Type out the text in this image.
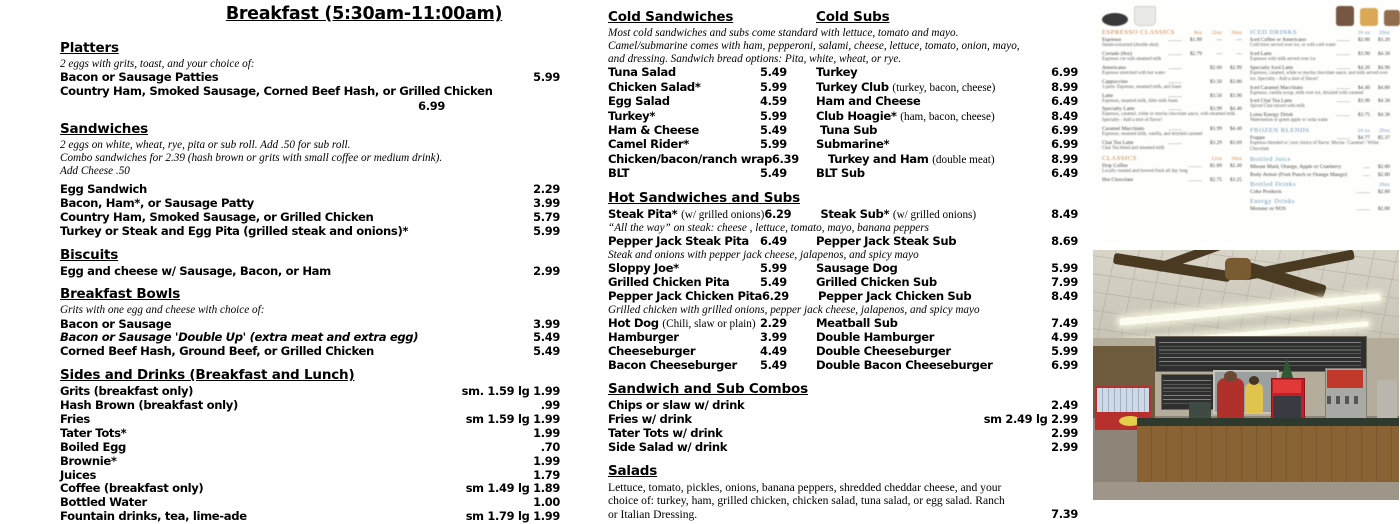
Breakfast (5:30am-11:00am)
Platters
2 eggs with grits, toast, and your choice of:
Bacon or Sausage Patties	5.99
Country Ham, Smoked Sausage, Corned Beef Hash, or Grilled Chicken
6.99
Sandwiches
2 eggs on white, wheat, rye, pita or sub roll. Add .50 for sub roll.
Combo sandwiches for 2.39 (hash brown or grits with small coffee or medium drink).
Add Cheese .50
Egg Sandwich	2.29
Bacon, Ham*, or Sausage Patty	3.99
Country Ham, Smoked Sausage, or Grilled Chicken	5.79
Turkey or Steak and Egg Pita (grilled steak and onions)*	5.99
Biscuits
Egg and cheese w/ Sausage, Bacon, or Ham	2.99
Breakfast Bowls
Grits with one egg and cheese with choice of:
Bacon or Sausage	3.99
Bacon or Sausage 'Double Up' (extra meat and extra egg)	5.49
Corned Beef Hash, Ground Beef, or Grilled Chicken	5.49
Sides and Drinks (Breakfast and Lunch)
Grits (breakfast only)	sm. 1.59 lg 1.99
Hash Brown (breakfast only)	.99
Fries	sm 1.59 lg 1.99
Tater Tots*	1.99
Boiled Egg	.70
Brownie*	1.99
Juices	1.79
Coffee (breakfast only)	sm 1.49 lg 1.89
Bottled Water	1.00
Fountain drinks, tea, lime-ade	sm 1.79 lg 1.99
Cold Sandwiches	Cold Subs
Most cold sandwiches and subs come standard with lettuce, tomato and mayo.
Camel/submarine comes with ham, pepperoni, salami, cheese, lettuce, tomato, onion, mayo,
and dressing. Sandwich bread options: Pita, white, wheat, or rye.
Tuna Salad	5.49	Turkey	6.99
Chicken Salad*	5.99	Turkey Club (turkey, bacon, cheese)	8.99
Egg Salad	4.59	Ham and Cheese	6.49
Turkey*	5.99	Club Hoagie* (ham, bacon, cheese)	8.49
Ham & Cheese	5.49	Tuna Sub	6.99
Camel Rider*	5.99	Submarine*	6.99
Chicken/bacon/ranch wrap 6.39	Turkey and Ham (double meat)	8.99
BLT	5.49	BLT Sub	6.49
Hot Sandwiches and Subs
Steak Pita* (w/ grilled onions) 6.29	Steak Sub* (w/ grilled onions)	8.49
“All the way” on steak: cheese , lettuce, tomato, mayo, banana peppers
Pepper Jack Steak Pita 6.49	Pepper Jack Steak Sub	8.69
Steak and onions with pepper jack cheese, jalapenos, and spicy mayo
Sloppy Joe*	5.99	Sausage Dog	5.99
Grilled Chicken Pita	5.49	Grilled Chicken Sub	7.99
Pepper Jack Chicken Pita 6.29	Pepper Jack Chicken Sub	8.49
Grilled chicken with grilled onions, pepper jack cheese, jalapenos, and spicy mayo
Hot Dog (Chili, slaw or plain) 2.29	Meatball Sub	7.49
Hamburger	3.99	Double Hamburger	4.99
Cheeseburger	4.49	Double Cheeseburger	5.99
Bacon Cheeseburger	5.49	Double Bacon Cheeseburger	6.99
Sandwich and Sub Combos
Chips or slaw w/ drink	2.49
Fries w/ drink	sm 2.49 lg 2.99
Tater Tots w/ drink	2.99
Side Salad w/ drink	2.99
Salads
Lettuce, tomato, pickles, onions, banana peppers, shredded cheddar cheese, and your
choice of: turkey, ham, grilled chicken, chicken salad, tuna salad, or egg salad. Ranch
or Italian Dressing.	7.39
ESPRESSO CLASSICS	8oz 12oz 16oz
Espresso	..........	$1.89	—	—
Steam-extracted (double shot)
Cortado (8oz)	..........	$2.79	—	—
Espresso cut with steamed milk
Americano	..........	$2.60	$2.99
Espresso stretched with hot water
Cappuccino	..........	$3.50	$3.80
3 parts: Espresso, steamed milk, and foam
Latte	..........	$3.50	$3.90
Espresso, steamed milk, little milk foam
Specialty Latte	..........	$3.99	$4.40
Espresso, caramel, white or mocha chocolate sauce, with steamed milk. Specialty - Add a shot of flavor!
Caramel Macchiato	..........	$3.99	$4.40
Espresso, steamed milk, vanilla, and drizzled caramel
Chai Tea Latte	..........	$3.29	$3.69
Chai Tea blend and steamed milk
CLASSICS	12oz 16oz
Drip Coffee	..........	$1.89	$2.49
Locally roasted and brewed fresh all day long
Hot Chocolate	..........	$2.75	$3.25
ICED DRINKS	16 oz 20oz
Iced Coffee or Americano	..........	$2.80	$3.20
Cold brew served over ice, or with cold water
Iced Latte	..........	$3.90	$4.30
Espresso with milk served over ice
Specialty Iced Latte	..........	$4.20	$4.90
Espresso, caramel, white or mocha chocolate sauce, and milk served over ice. Specialty - Add a shot of flavor!
Iced Caramel Macchiato	..........	$4.40	$4.80
Espresso, vanilla syrup, milk over ice, drizzled with caramel
Iced Chai Tea Latte	..........	$3.90	$4.30
Spiced Chai mixed with milk
Lotus Energy Drink	..........	$3.75	$4.30
Watermelon or green apple w/ soda water
FROZEN BLENDS	16 oz 20oz
Frappe	..........	$4.77	$5.37
Espresso blended w/ your choice of flavor. Mocha / Caramel / White Chocolate
Bottled Juice
Minute Maid, Orange, Apple or Cranberry	.....	$2.80
Body Armor (Fruit Punch or Orange Mango)	.....	$2.80
Bottled Drinks	20oz
Coke Products	..........	$2.80
Energy Drinks
Monster or NOS	..........	$2.80
